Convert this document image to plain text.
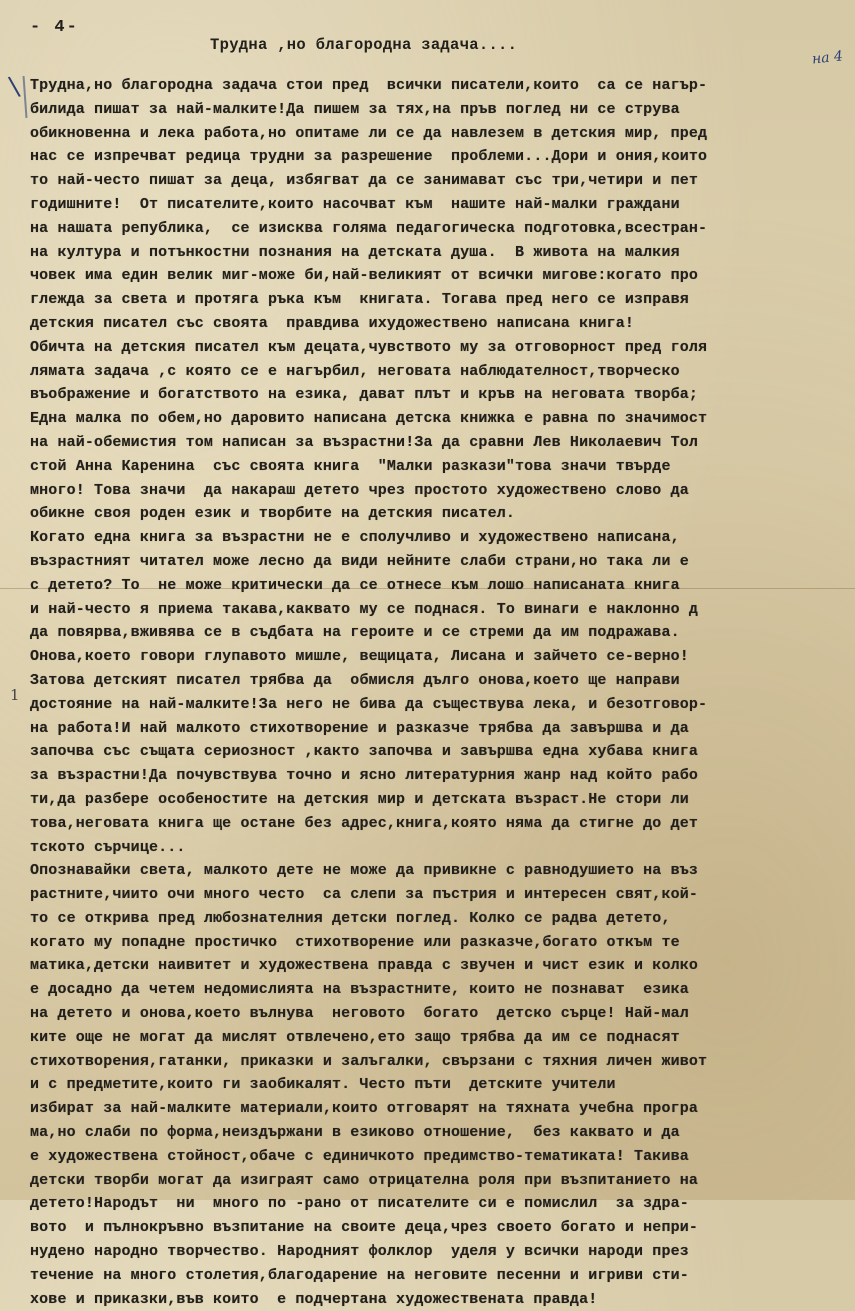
- 4-
Трудна ,но благородна задача....
на 4
\
1
Трудна,но благородна задача стои пред  всички писатели,които  са се нагър-
билида пишат за най-малките!Да пишем за тях,на пръв поглед ни се струва
обикновенна и лека работа,но опитаме ли се да навлезем в детския мир, пред
нас се изпречват редица трудни за разрешение  проблеми...Дори и ония,които
то най-често пишат за деца, избягват да се занимават със три,четири и пет
годишните!  От писателите,които насочват към  нашите най-малки граждани
на нашата република,  се изисква голяма педагогическа подготовка,всестран-
на култура и потънкостни познания на детската душа.  В живота на малкия
човек има един велик миг-може би,най-великият от всички мигове:когато про
глежда за света и протяга ръка към  книгата. Тогава пред него се изправя
детския писател със своята  правдива ихудожествено написана книга!
Обичта на детския писател към децата,чувството му за отговорност пред голя
лямата задача ,с която се е нагърбил, неговата наблюдателност,творческо
въображение и богатството на езика, дават плът и кръв на неговата творба;
Една малка по обем,но даровито написана детска книжка е равна по значимост
на най-обемистия том написан за възрастни!За да сравни Лев Николаевич Тол
стой Анна Каренина  със своята книга  "Малки разкази"това значи твърде
много! Това значи  да накараш детето чрез простото художествено слово да
обикне своя роден език и творбите на детския писател.
Когато една книга за възрастни не е сполучливо и художествено написана,
възрастният читател може лесно да види нейните слаби страни,но така ли е
с детето? То  не може критически да се отнесе към лошо написаната книга
и най-често я приема такава,каквато му се поднася. То винаги е наклонно д
да повярва,вживява се в съдбата на героите и се стреми да им подражава.
Онова,което говори глупавото мишле, вещицата, Лисана и зайчето се-верно!
Затова детският писател трябва да  обмисля дълго онова,което ще направи
достояние на най-малките!За него не бива да съществува лека, и безотговор-
на работа!И най малкото стихотворение и разказче трябва да завършва и да
започва със същата сериозност ,както започва и завършва една хубава книга
за възрастни!Да почувствува точно и ясно литературния жанр над който рабо
ти,да разбере особеностите на детския мир и детската възраст.Не стори ли
това,неговата книга ще остане без адрес,книга,която няма да стигне до дет
тското сърчице...
Опознавайки света, малкото дете не може да привикне с равнодушието на въз
растните,чиито очи много често  са слепи за пъстрия и интересен свят,кой-
то се открива пред любознателния детски поглед. Колко се радва детето,
когато му попадне простичко  стихотворение или разказче,богато откъм те
матика,детски наивитет и художествена правда с звучен и чист език и колко
е досадно да четем недомислията на възрастните, които не познават  езика
на детето и онова,което вълнува  неговото  богато  детско сърце! Най-мал
ките още не могат да мислят отвлечено,ето защо трябва да им се поднасят
стихотворения,гатанки, приказки и залъгалки, свързани с тяхния личен живот
и с предметите,които ги заобикалят. Често пъти  детските учители
избират за най-малките материали,които отговарят на тяхната учебна програ
ма,но слаби по форма,неиздържани в езиково отношение,  без каквато и да
е художествена стойност,обаче с единичкото предимство-тематиката! Такива
детски творби могат да изиграят само отрицателна роля при възпитанието на
детето!Народът  ни  много по -рано от писателите си е помислил  за здра-
вото  и пълнокръвно възпитание на своите деца,чрез своето богато и непри-
нудено народно творчество. Народният фолклор  уделя у всички народи през
течение на много столетия,благодарение на неговите песенни и игриви сти-
хове и приказки,във които  е подчертана художествената правда!
